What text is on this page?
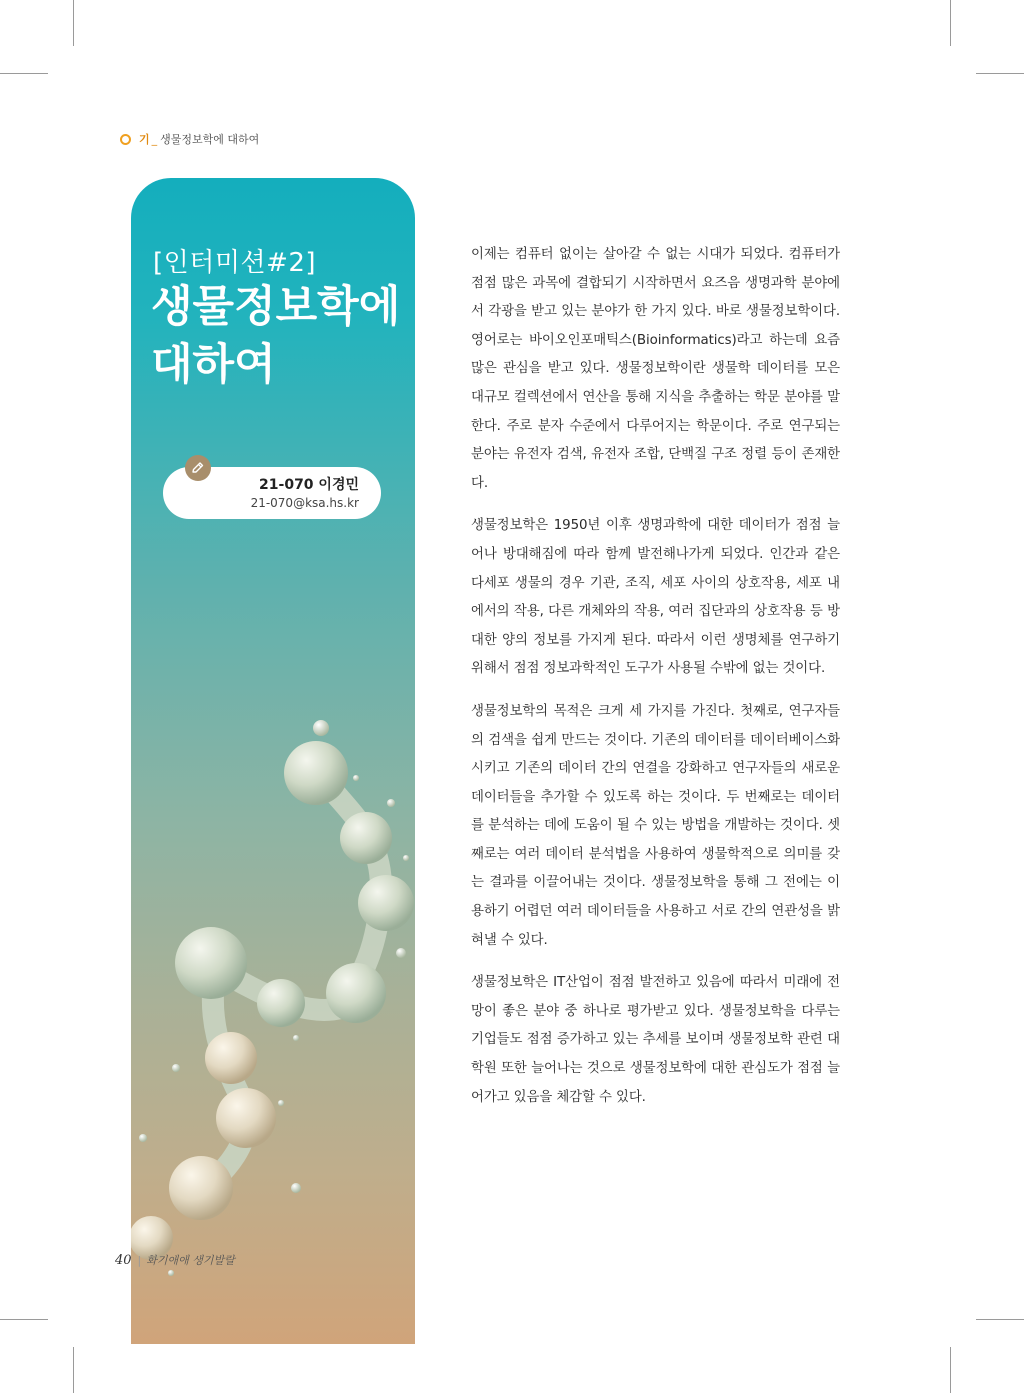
기 _ 생물정보학에 대하여
[인터미션#2]
생물정보학에
대하여
21-070 이경민
21-070@ksa.hs.kr

이제는 컴퓨터 없이는 살아갈 수 없는 시대가 되었다. 컴퓨터가 점점 많은 과목에 결합되기 시작하면서 요즈음 생명과학 분야에서 각광을 받고 있는 분야가 한 가지 있다. 바로 생물정보학이다. 영어로는 바이오인포매틱스(Bioinformatics)라고 하는데 요즘 많은 관심을 받고 있다. 생물정보학이란 생물학 데이터를 모은 대규모 컬렉션에서 연산을 통해 지식을 추출하는 학문 분야를 말한다. 주로 분자 수준에서 다루어지는 학문이다. 주로 연구되는 분야는 유전자 검색, 유전자 조합, 단백질 구조 정렬 등이 존재한다.

생물정보학은 1950년 이후 생명과학에 대한 데이터가 점점 늘어나 방대해짐에 따라 함께 발전해나가게 되었다. 인간과 같은 다세포 생물의 경우 기관, 조직, 세포 사이의 상호작용, 세포 내에서의 작용, 다른 개체와의 작용, 여러 집단과의 상호작용 등 방대한 양의 정보를 가지게 된다. 따라서 이런 생명체를 연구하기 위해서 점점 정보과학적인 도구가 사용될 수밖에 없는 것이다.

생물정보학의 목적은 크게 세 가지를 가진다. 첫째로, 연구자들의 검색을 쉽게 만드는 것이다. 기존의 데이터를 데이터베이스화 시키고 기존의 데이터 간의 연결을 강화하고 연구자들의 새로운 데이터들을 추가할 수 있도록 하는 것이다. 두 번째로는 데이터를 분석하는 데에 도움이 될 수 있는 방법을 개발하는 것이다. 셋째로는 여러 데이터 분석법을 사용하여 생물학적으로 의미를 갖는 결과를 이끌어내는 것이다. 생물정보학을 통해 그 전에는 이용하기 어렵던 여러 데이터들을 사용하고 서로 간의 연관성을 밝혀낼 수 있다.

생물정보학은 IT산업이 점점 발전하고 있음에 따라서 미래에 전망이 좋은 분야 중 하나로 평가받고 있다. 생물정보학을 다루는 기업들도 점점 증가하고 있는 추세를 보이며 생물정보학 관련 대학원 또한 늘어나는 것으로 생물정보학에 대한 관심도가 점점 늘어가고 있음을 체감할 수 있다.

40 | 화기애애 생기발랄
